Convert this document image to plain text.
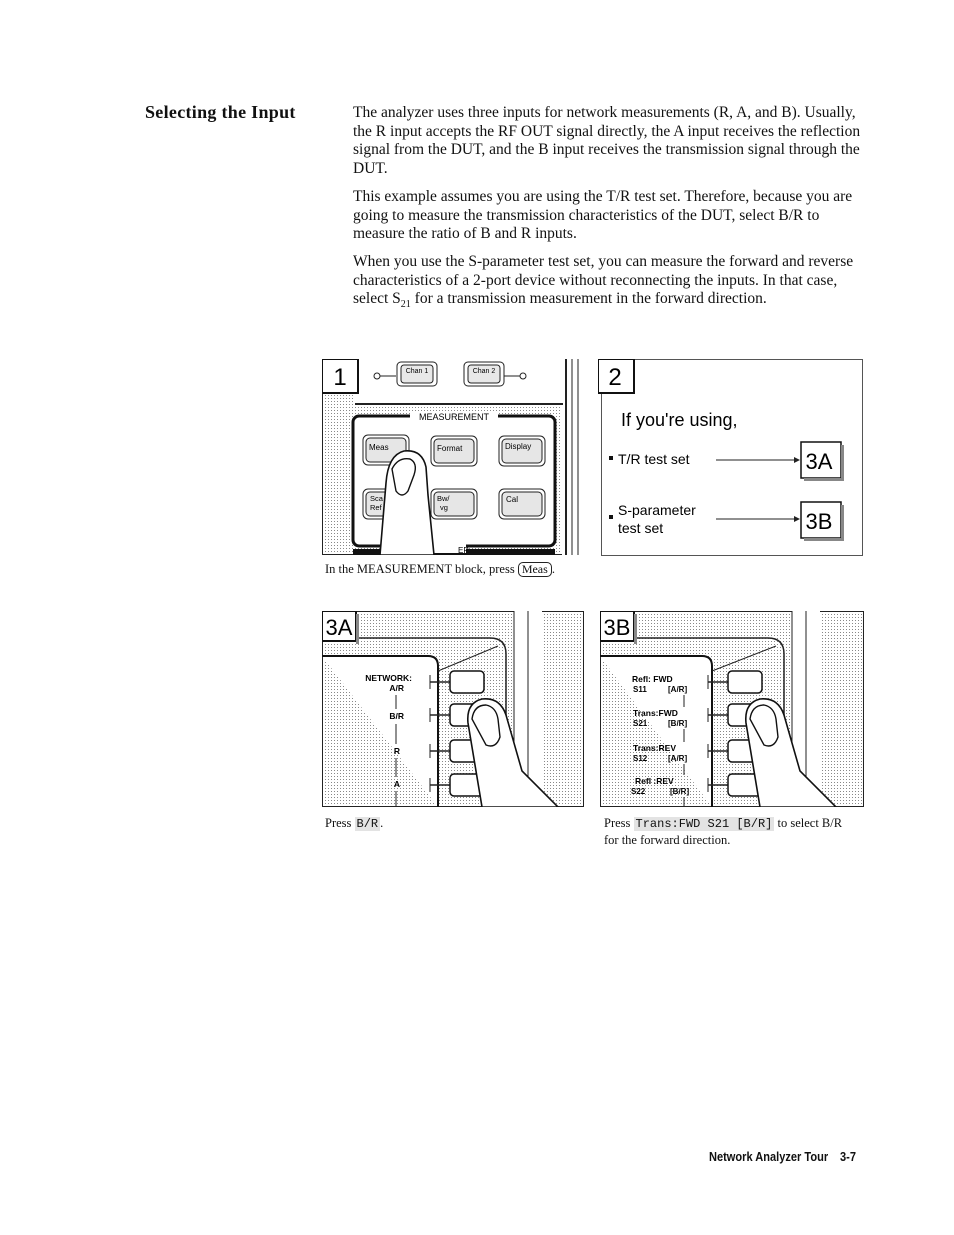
Selecting the Input	The analyzer uses three inputs for network measurements (R, A, and B). Usually, the R input accepts the RF OUT signal directly, the A input receives the reflection signal from the DUT, and the B input receives the transmission signal through the DUT.

This example assumes you are using the T/R test set. Therefore, because you are going to measure the transmission characteristics of the DUT, select B/R to measure the ratio of B and R inputs.

When you use the S-parameter test set, you can measure the forward and reverse characteristics of a 2-port device without reconnecting the inputs. In that case, select $S_{21}$ for a transmission measurement in the forward direction.

Chan 1	Chan 2
MEASUREMENT
Meas	Format	Display
Sca
Ref
Bw/
vg
Cal
EP
1
In the MEASUREMENT block, press Meas .
2
If you're using,
T/R test set
S-parameter
test set
3A
3B
NETWORK:
A/R
B/R
R
A
3A
Press B/R .
Refl: FWD
S11	[A/R]
Trans:FWD
S21	[B/R]
Trans:REV
S12	[A/R]
Refl :REV
S22	[B/R]
3B
Press Trans:FWD S21 [B/R] to select B/R
for the forward direction.
Network Analyzer Tour 3-7
